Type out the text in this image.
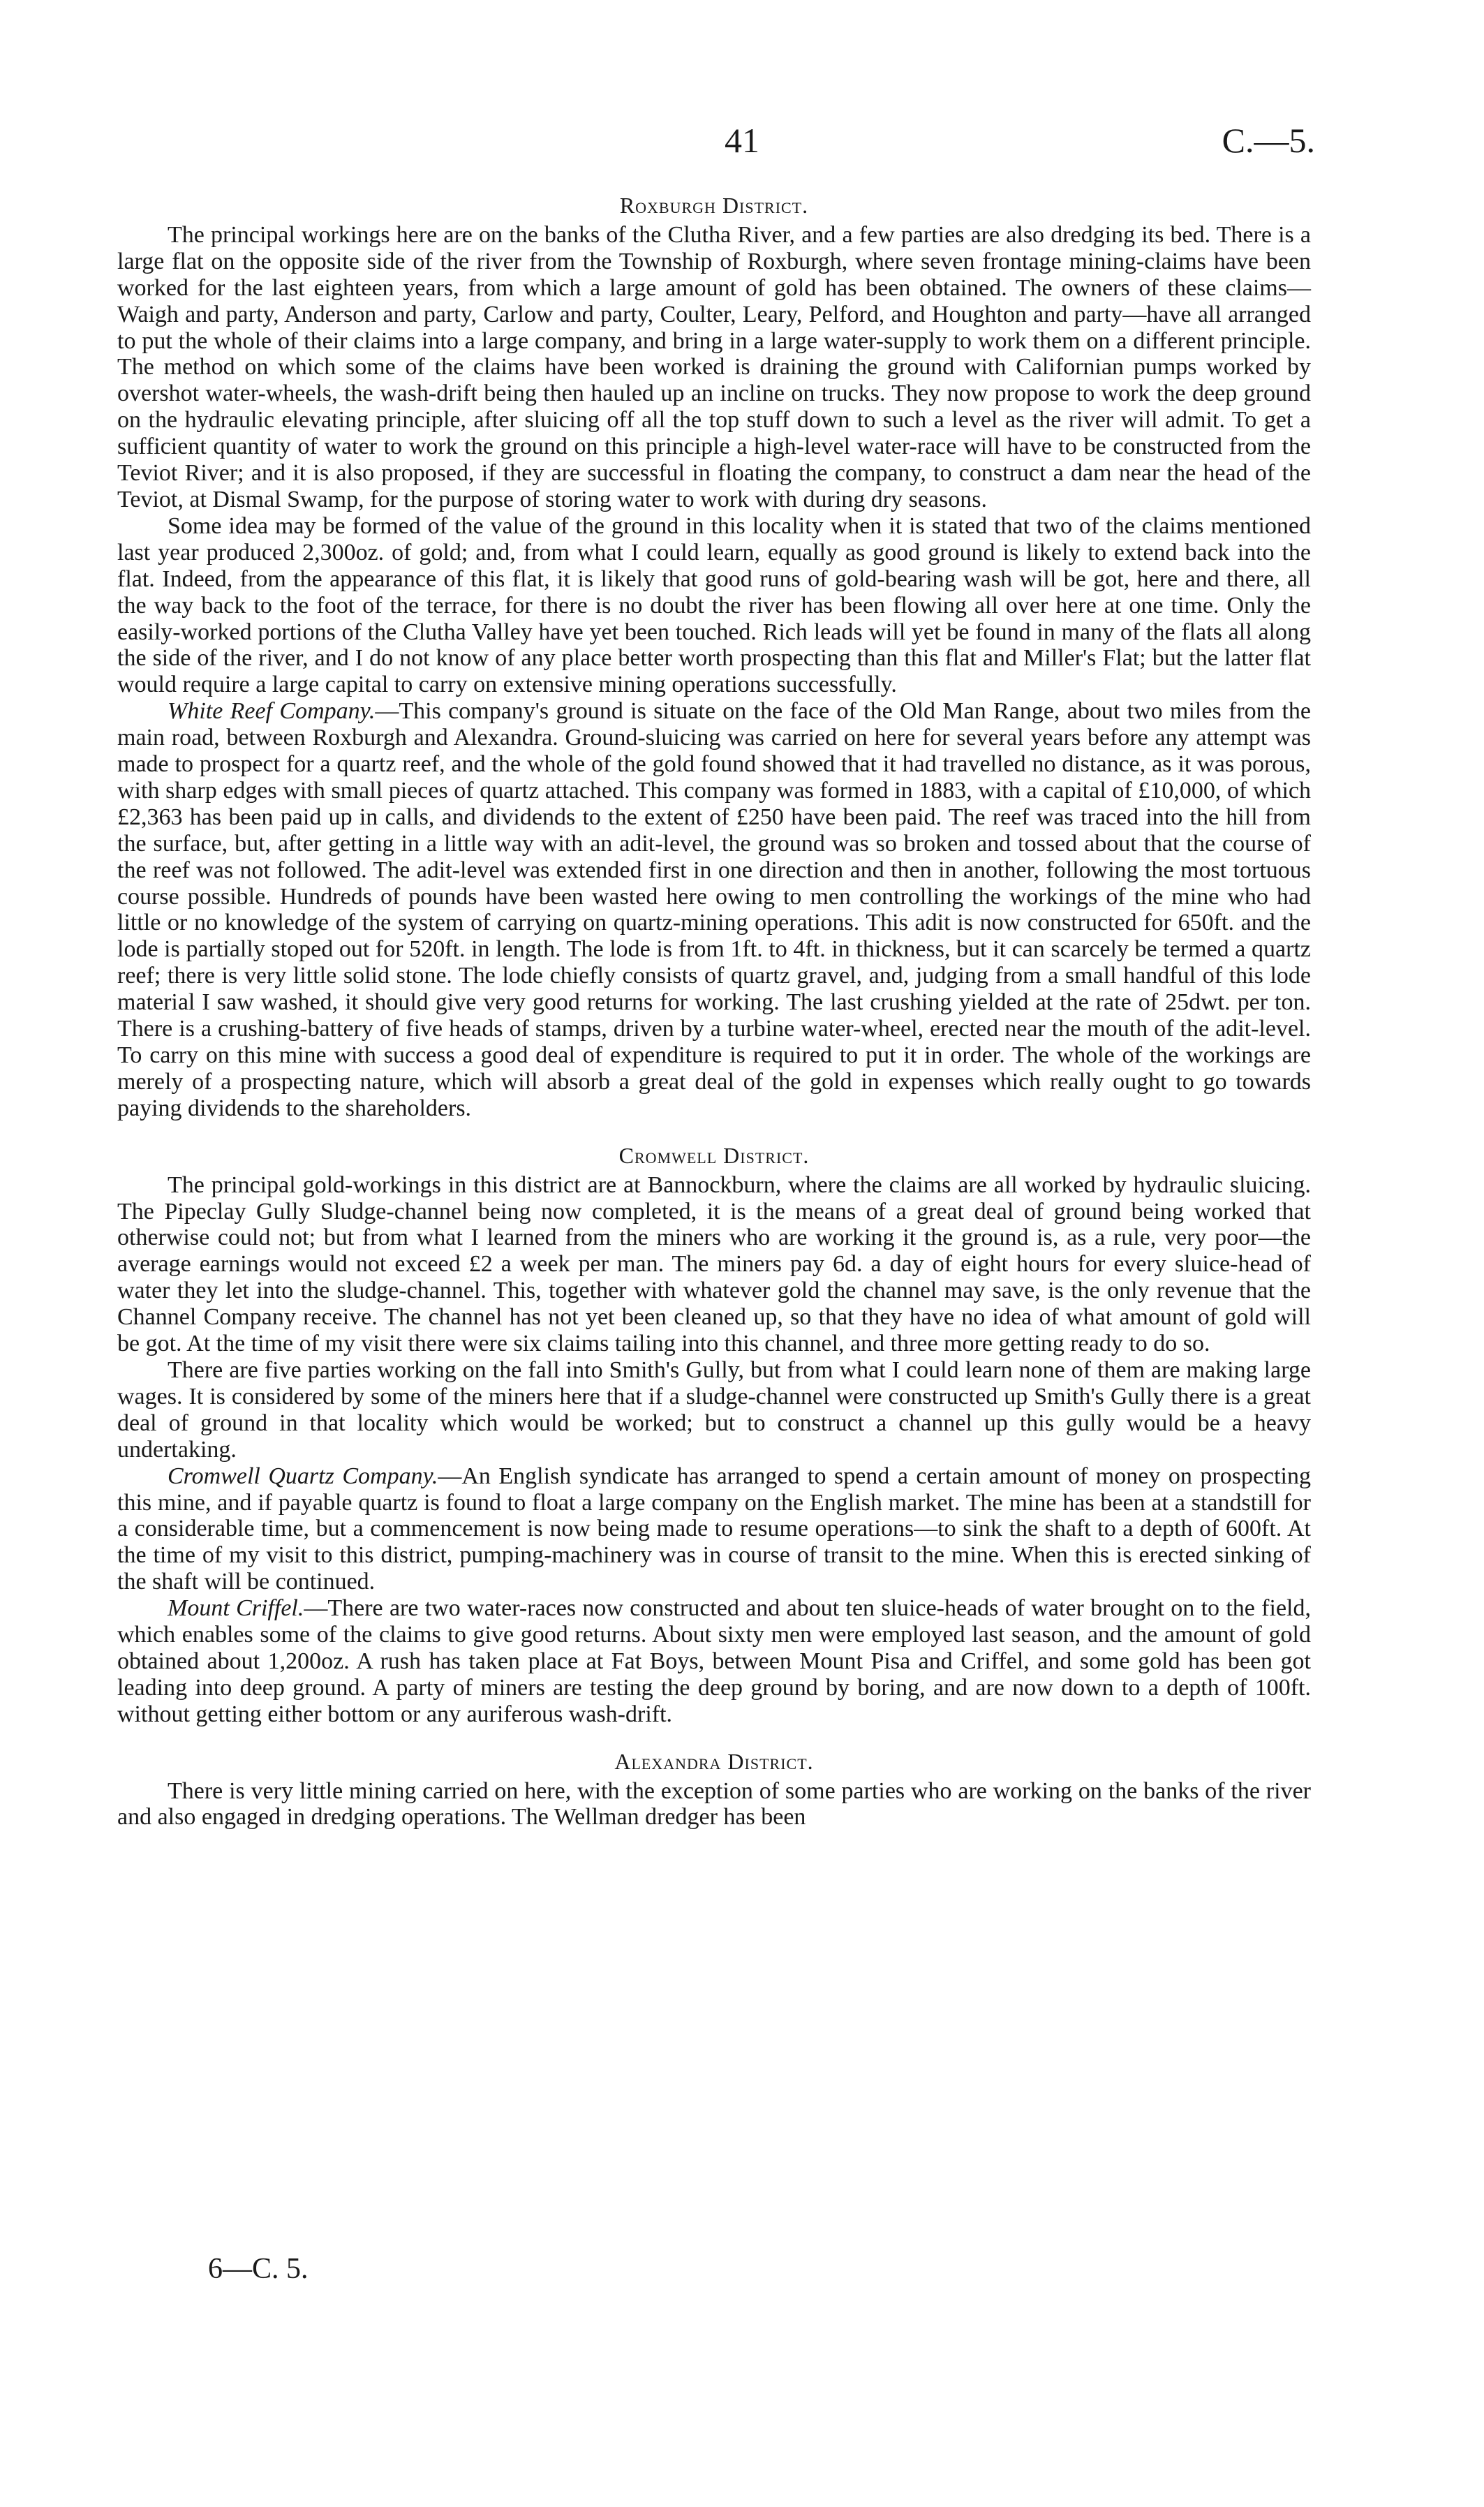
41	C.—5.

Roxburgh District.

The principal workings here are on the banks of the Clutha River, and a few parties are also dredging its bed. There is a large flat on the opposite side of the river from the Township of Roxburgh, where seven frontage mining-claims have been worked for the last eighteen years, from which a large amount of gold has been obtained. The owners of these claims—Waigh and party, Anderson and party, Carlow and party, Coulter, Leary, Pelford, and Houghton and party—have all arranged to put the whole of their claims into a large company, and bring in a large water-supply to work them on a different principle. The method on which some of the claims have been worked is draining the ground with Californian pumps worked by overshot water-wheels, the wash-drift being then hauled up an incline on trucks. They now propose to work the deep ground on the hydraulic elevating principle, after sluicing off all the top stuff down to such a level as the river will admit. To get a sufficient quantity of water to work the ground on this principle a high-level water-race will have to be constructed from the Teviot River; and it is also proposed, if they are successful in floating the company, to construct a dam near the head of the Teviot, at Dismal Swamp, for the purpose of storing water to work with during dry seasons.

Some idea may be formed of the value of the ground in this locality when it is stated that two of the claims mentioned last year produced 2,300oz. of gold; and, from what I could learn, equally as good ground is likely to extend back into the flat. Indeed, from the appearance of this flat, it is likely that good runs of gold-bearing wash will be got, here and there, all the way back to the foot of the terrace, for there is no doubt the river has been flowing all over here at one time. Only the easily-worked portions of the Clutha Valley have yet been touched. Rich leads will yet be found in many of the flats all along the side of the river, and I do not know of any place better worth prospecting than this flat and Miller's Flat; but the latter flat would require a large capital to carry on extensive mining operations successfully.

White Reef Company.—This company's ground is situate on the face of the Old Man Range, about two miles from the main road, between Roxburgh and Alexandra. Ground-sluicing was carried on here for several years before any attempt was made to prospect for a quartz reef, and the whole of the gold found showed that it had travelled no distance, as it was porous, with sharp edges with small pieces of quartz attached. This company was formed in 1883, with a capital of £10,000, of which £2,363 has been paid up in calls, and dividends to the extent of £250 have been paid. The reef was traced into the hill from the surface, but, after getting in a little way with an adit-level, the ground was so broken and tossed about that the course of the reef was not followed. The adit-level was extended first in one direction and then in another, following the most tortuous course possible. Hundreds of pounds have been wasted here owing to men controlling the workings of the mine who had little or no knowledge of the system of carrying on quartz-mining operations. This adit is now constructed for 650ft. and the lode is partially stoped out for 520ft. in length. The lode is from 1ft. to 4ft. in thickness, but it can scarcely be termed a quartz reef; there is very little solid stone. The lode chiefly consists of quartz gravel, and, judging from a small handful of this lode material I saw washed, it should give very good returns for working. The last crushing yielded at the rate of 25dwt. per ton. There is a crushing-battery of five heads of stamps, driven by a turbine water-wheel, erected near the mouth of the adit-level. To carry on this mine with success a good deal of expenditure is required to put it in order. The whole of the workings are merely of a prospecting nature, which will absorb a great deal of the gold in expenses which really ought to go towards paying dividends to the shareholders.

Cromwell District.

The principal gold-workings in this district are at Bannockburn, where the claims are all worked by hydraulic sluicing. The Pipeclay Gully Sludge-channel being now completed, it is the means of a great deal of ground being worked that otherwise could not; but from what I learned from the miners who are working it the ground is, as a rule, very poor—the average earnings would not exceed £2 a week per man. The miners pay 6d. a day of eight hours for every sluice-head of water they let into the sludge-channel. This, together with whatever gold the channel may save, is the only revenue that the Channel Company receive. The channel has not yet been cleaned up, so that they have no idea of what amount of gold will be got. At the time of my visit there were six claims tailing into this channel, and three more getting ready to do so.

There are five parties working on the fall into Smith's Gully, but from what I could learn none of them are making large wages. It is considered by some of the miners here that if a sludge-channel were constructed up Smith's Gully there is a great deal of ground in that locality which would be worked; but to construct a channel up this gully would be a heavy undertaking.

Cromwell Quartz Company.—An English syndicate has arranged to spend a certain amount of money on prospecting this mine, and if payable quartz is found to float a large company on the English market. The mine has been at a standstill for a considerable time, but a commencement is now being made to resume operations—to sink the shaft to a depth of 600ft. At the time of my visit to this district, pumping-machinery was in course of transit to the mine. When this is erected sinking of the shaft will be continued.

Mount Criffel.—There are two water-races now constructed and about ten sluice-heads of water brought on to the field, which enables some of the claims to give good returns. About sixty men were employed last season, and the amount of gold obtained about 1,200oz. A rush has taken place at Fat Boys, between Mount Pisa and Criffel, and some gold has been got leading into deep ground. A party of miners are testing the deep ground by boring, and are now down to a depth of 100ft. without getting either bottom or any auriferous wash-drift.

Alexandra District.

There is very little mining carried on here, with the exception of some parties who are working on the banks of the river and also engaged in dredging operations. The Wellman dredger has been

6—C. 5.
